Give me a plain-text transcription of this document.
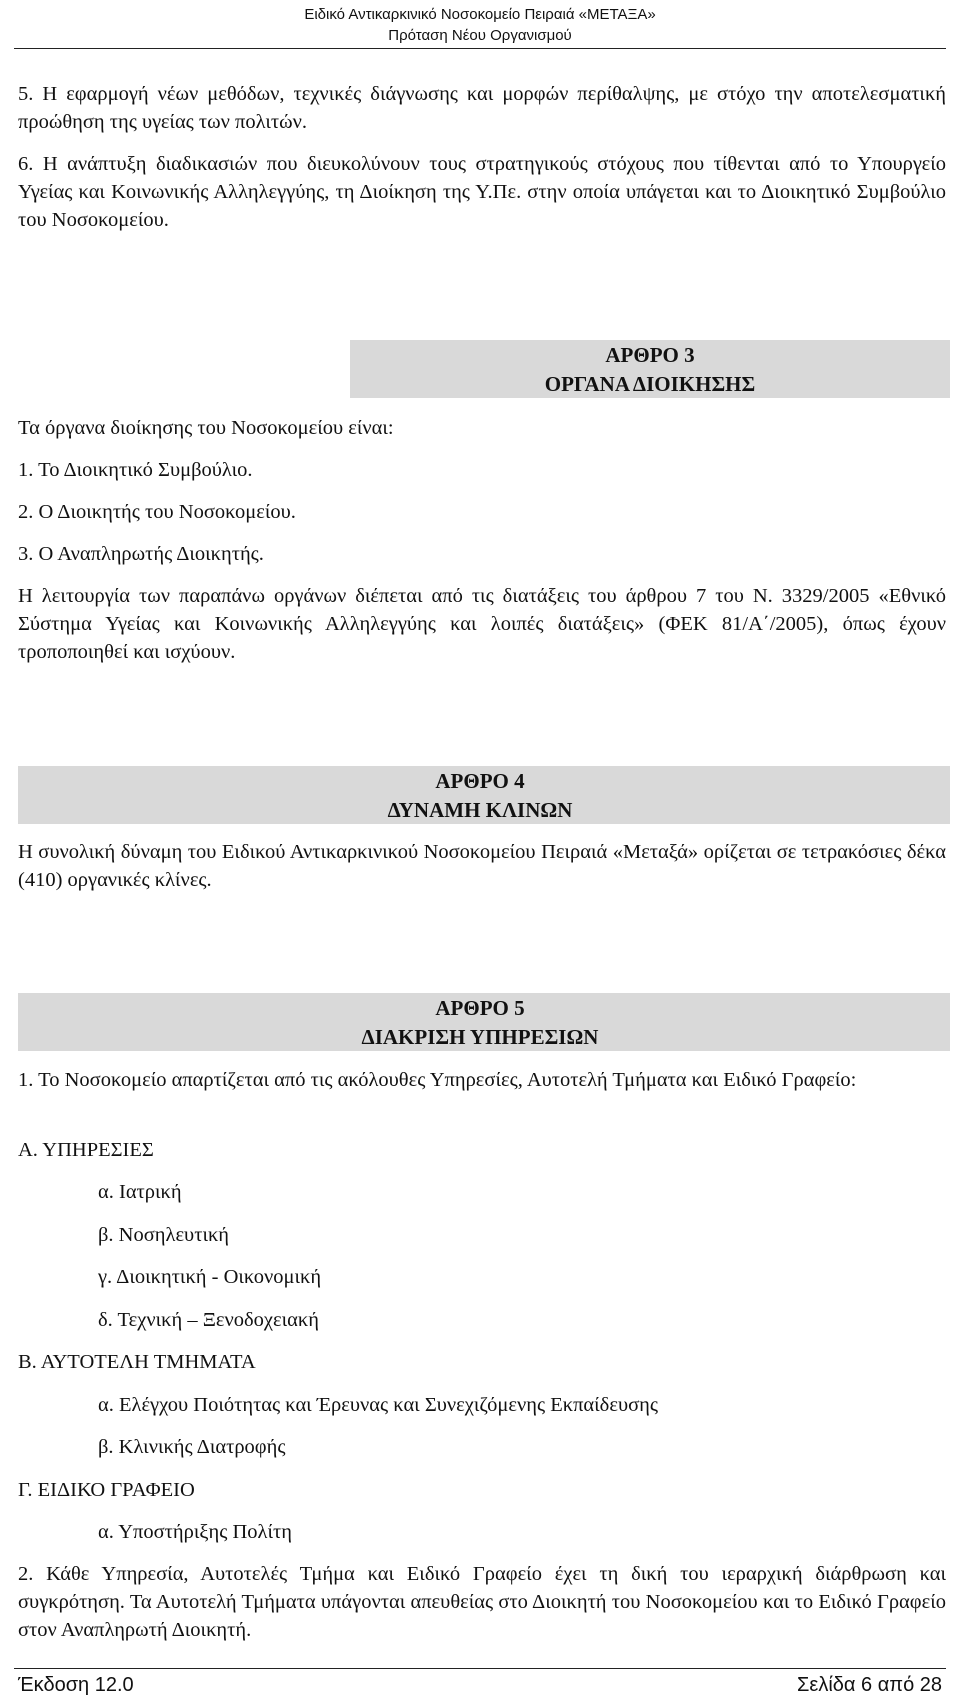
Ειδικό Αντικαρκινικό Νοσοκομείο Πειραιά «ΜΕΤΑΞΑ»
Πρόταση Νέου Οργανισμού

5. Η εφαρμογή νέων μεθόδων, τεχνικές διάγνωσης και μορφών περίθαλψης, με στόχο την αποτελεσματική προώθηση της υγείας των πολιτών.

6. Η ανάπτυξη διαδικασιών που διευκολύνουν τους στρατηγικούς στόχους που τίθενται από το Υπουργείο Υγείας και Κοινωνικής Αλληλεγγύης, τη Διοίκηση της Υ.Πε. στην οποία υπάγεται και το Διοικητικό Συμβούλιο του Νοσοκομείου.

ΑΡΘΡΟ 3
ΟΡΓΑΝΑ ΔΙΟΙΚΗΣΗΣ

Τα όργανα διοίκησης του Νοσοκομείου είναι:

1. Το Διοικητικό Συμβούλιο.

2. Ο Διοικητής του Νοσοκομείου.

3. Ο Αναπληρωτής Διοικητής.

Η λειτουργία των παραπάνω οργάνων διέπεται από τις διατάξεις του άρθρου 7 του Ν. 3329/2005 «Εθνικό Σύστημα Υγείας και Κοινωνικής Αλληλεγγύης και λοιπές διατάξεις» (ΦΕΚ 81/Α΄/2005), όπως έχουν τροποποιηθεί και ισχύουν.

ΑΡΘΡΟ 4
ΔΥΝΑΜΗ ΚΛΙΝΩΝ

Η συνολική δύναμη του Ειδικού Αντικαρκινικού Νοσοκομείου Πειραιά «Μεταξά» ορίζεται σε τετρακόσιες δέκα (410) οργανικές κλίνες.

ΑΡΘΡΟ 5
ΔΙΑΚΡΙΣΗ ΥΠΗΡΕΣΙΩΝ

1. Το Νοσοκομείο απαρτίζεται από τις ακόλουθες Υπηρεσίες, Αυτοτελή Τμήματα και Ειδικό Γραφείο:

Α. ΥΠΗΡΕΣΙΕΣ

α. Ιατρική

β. Νοσηλευτική

γ. Διοικητική - Οικονομική

δ. Τεχνική – Ξενοδοχειακή

Β. ΑΥΤΟΤΕΛΗ ΤΜΗΜΑΤΑ

α. Ελέγχου Ποιότητας και Έρευνας και Συνεχιζόμενης Εκπαίδευσης

β. Κλινικής Διατροφής

Γ. ΕΙΔΙΚΟ ΓΡΑΦΕΙΟ

α. Υποστήριξης Πολίτη

2. Κάθε Υπηρεσία, Αυτοτελές Τμήμα και Ειδικό Γραφείο έχει τη δική του ιεραρχική διάρθρωση και συγκρότηση. Τα Αυτοτελή Τμήματα υπάγονται απευθείας στο Διοικητή του Νοσοκομείου και το Ειδικό Γραφείο στον Αναπληρωτή Διοικητή.

Έκδοση 12.0	Σελίδα 6 από 28
